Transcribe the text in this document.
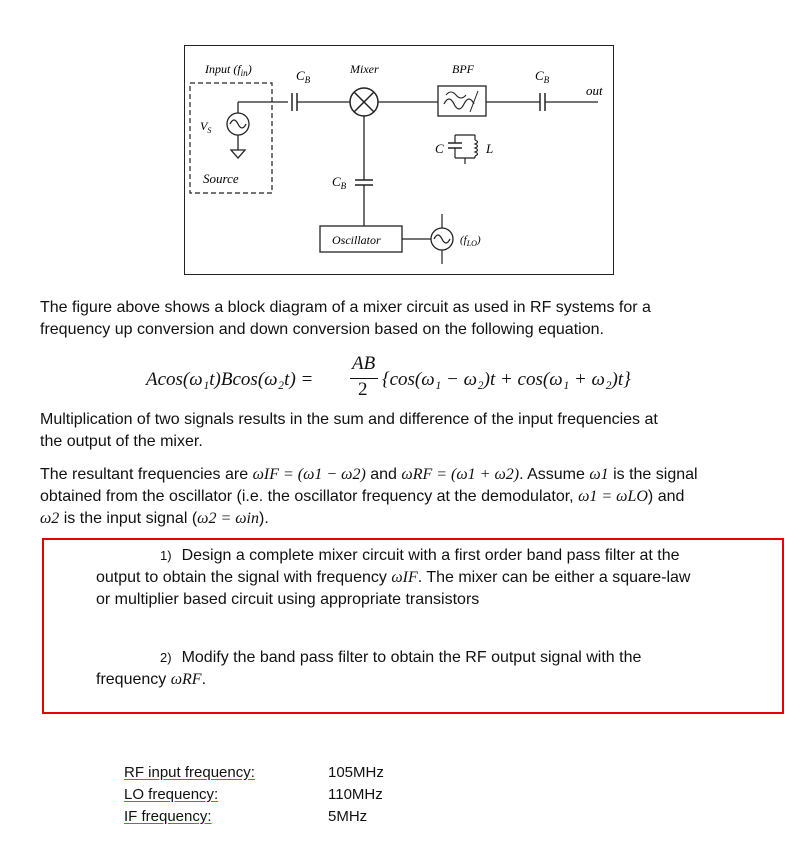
Input $(f_{in})$
$V_S$
Source
$C_B$
Mixer	BPF	$C_B$
out
C	L
$C_B$
Oscillator	$(f_{LO})$
The figure above shows a block diagram of a mixer circuit as used in RF systems for a
frequency up conversion and down conversion based on the following equation.
Acos(ω₁t)Bcos(ω₂t) =
AB
2 {cos(ω₁ − ω₂)t + cos(ω₁ + ω₂)t}
Multiplication of two signals results in the sum and difference of the input frequencies at
the output of the mixer.
The resultant frequencies are ωIF = (ω1 − ω2) and ωRF = (ω1 + ω2). Assume ω1 is the signal
obtained from the oscillator (i.e. the oscillator frequency at the demodulator, ω1 = ωLO) and
ω2 is the input signal (ω2 = ωin).
1) Design a complete mixer circuit with a first order band pass filter at the
output to obtain the signal with frequency ωIF. The mixer can be either a square-law
or multiplier based circuit using appropriate transistors
2) Modify the band pass filter to obtain the RF output signal with the
frequency ωRF.
RF input frequency:	105MHz
LO frequency:	110MHz
IF frequency:	5MHz
